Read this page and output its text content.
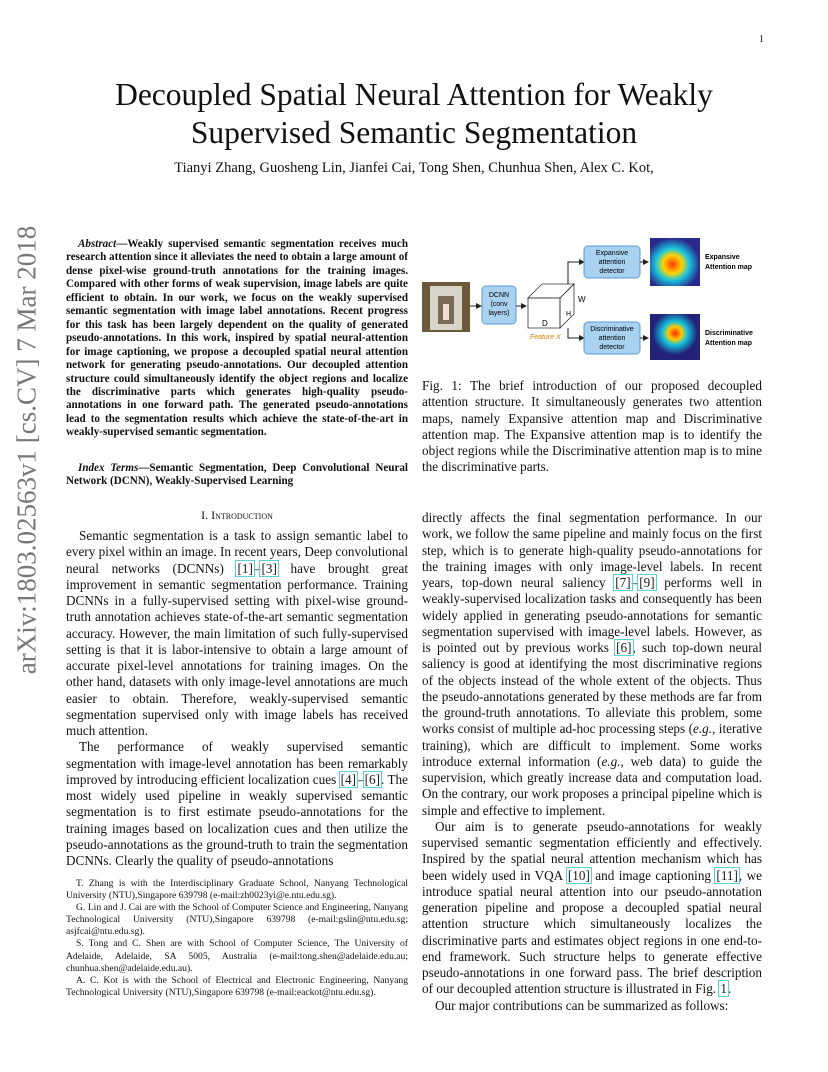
1
arXiv:1803.02563v1 [cs.CV] 7 Mar 2018
Decoupled Spatial Neural Attention for Weakly Supervised Semantic Segmentation
Tianyi Zhang, Guosheng Lin, Jianfei Cai, Tong Shen, Chunhua Shen, Alex C. Kot,
Abstract—Weakly supervised semantic segmentation receives much research attention since it alleviates the need to obtain a large amount of dense pixel-wise ground-truth annotations for the training images. Compared with other forms of weak supervision, image labels are quite efficient to obtain. In our work, we focus on the weakly supervised semantic segmentation with image label annotations. Recent progress for this task has been largely dependent on the quality of generated pseudo-annotations. In this work, inspired by spatial neural-attention for image captioning, we propose a decoupled spatial neural attention network for generating pseudo-annotations. Our decoupled attention structure could simultaneously identify the object regions and localize the discriminative parts which generates high-quality pseudo-annotations in one forward path. The generated pseudo-annotations lead to the segmentation results which achieve the state-of-the-art in weakly-supervised semantic segmentation.
Index Terms—Semantic Segmentation, Deep Convolutional Neural Network (DCNN), Weakly-Supervised Learning
I. Introduction

Semantic segmentation is a task to assign semantic label to every pixel within an image. In recent years, Deep convolutional neural networks (DCNNs) [1]–[3] have brought great improvement in semantic segmentation performance. Training DCNNs in a fully-supervised setting with pixel-wise ground-truth annotation achieves state-of-the-art semantic segmentation accuracy. However, the main limitation of such fully-supervised setting is that it is labor-intensive to obtain a large amount of accurate pixel-level annotations for training images. On the other hand, datasets with only image-level annotations are much easier to obtain. Therefore, weakly-supervised semantic segmentation supervised only with image labels has received much attention.

The performance of weakly supervised semantic segmentation with image-level annotation has been remarkably improved by introducing efficient localization cues [4]–[6]. The most widely used pipeline in weakly supervised semantic segmentation is to first estimate pseudo-annotations for the training images based on localization cues and then utilize the pseudo-annotations as the ground-truth to train the segmentation DCNNs. Clearly the quality of pseudo-annotations

T. Zhang is with the Interdisciplinary Graduate School, Nanyang Technological University (NTU),Singapore 639798 (e-mail:zh0023yi@e.ntu.edu.sg).

G. Lin and J. Cai are with the School of Computer Science and Engineering, Nanyang Technological University (NTU),Singapore 639798 (e-mail:gslin@ntu.edu.sg; asjfcai@ntu.edu.sg).

S. Tong and C. Shen are with School of Computer Science, The University of Adelaide, Adelaide, SA 5005, Australia (e-mail:tong.shen@adelaide.edu.au; chunhua.shen@adelaide.edu.au).

A. C. Kot is with the School of Electrical and Electronic Engineering, Nanyang Technological University (NTU),Singapore 639798 (e-mail:eackot@ntu.edu.sg).

DCNN
(conv
layers)
W
H
D
Feature X
Expansive
attention
detector
Discriminative
attention
detector
Expansive
Attention map
Discriminative
Attention map
Fig. 1: The brief introduction of our proposed decoupled attention structure. It simultaneously generates two attention maps, namely Expansive attention map and Discriminative attention map. The Expansive attention map is to identify the object regions while the Discriminative attention map is to mine the discriminative parts.

directly affects the final segmentation performance. In our work, we follow the same pipeline and mainly focus on the first step, which is to generate high-quality pseudo-annotations for the training images with only image-level labels. In recent years, top-down neural saliency [7]–[9] performs well in weakly-supervised localization tasks and consequently has been widely applied in generating pseudo-annotations for semantic segmentation supervised with image-level labels. However, as is pointed out by previous works [6], such top-down neural saliency is good at identifying the most discriminative regions of the objects instead of the whole extent of the objects. Thus the pseudo-annotations generated by these methods are far from the ground-truth annotations. To alleviate this problem, some works consist of multiple ad-hoc processing steps (e.g., iterative training), which are difficult to implement. Some works introduce external information (e.g., web data) to guide the supervision, which greatly increase data and computation load. On the contrary, our work proposes a principal pipeline which is simple and effective to implement.

Our aim is to generate pseudo-annotations for weakly supervised semantic segmentation efficiently and effectively. Inspired by the spatial neural attention mechanism which has been widely used in VQA [10] and image captioning [11], we introduce spatial neural attention into our pseudo-annotation generation pipeline and propose a decoupled spatial neural attention structure which simultaneously localizes the discriminative parts and estimates object regions in one end-to-end framework. Such structure helps to generate effective pseudo-annotations in one forward pass. The brief description of our decoupled attention structure is illustrated in Fig. 1.

Our major contributions can be summarized as follows:
